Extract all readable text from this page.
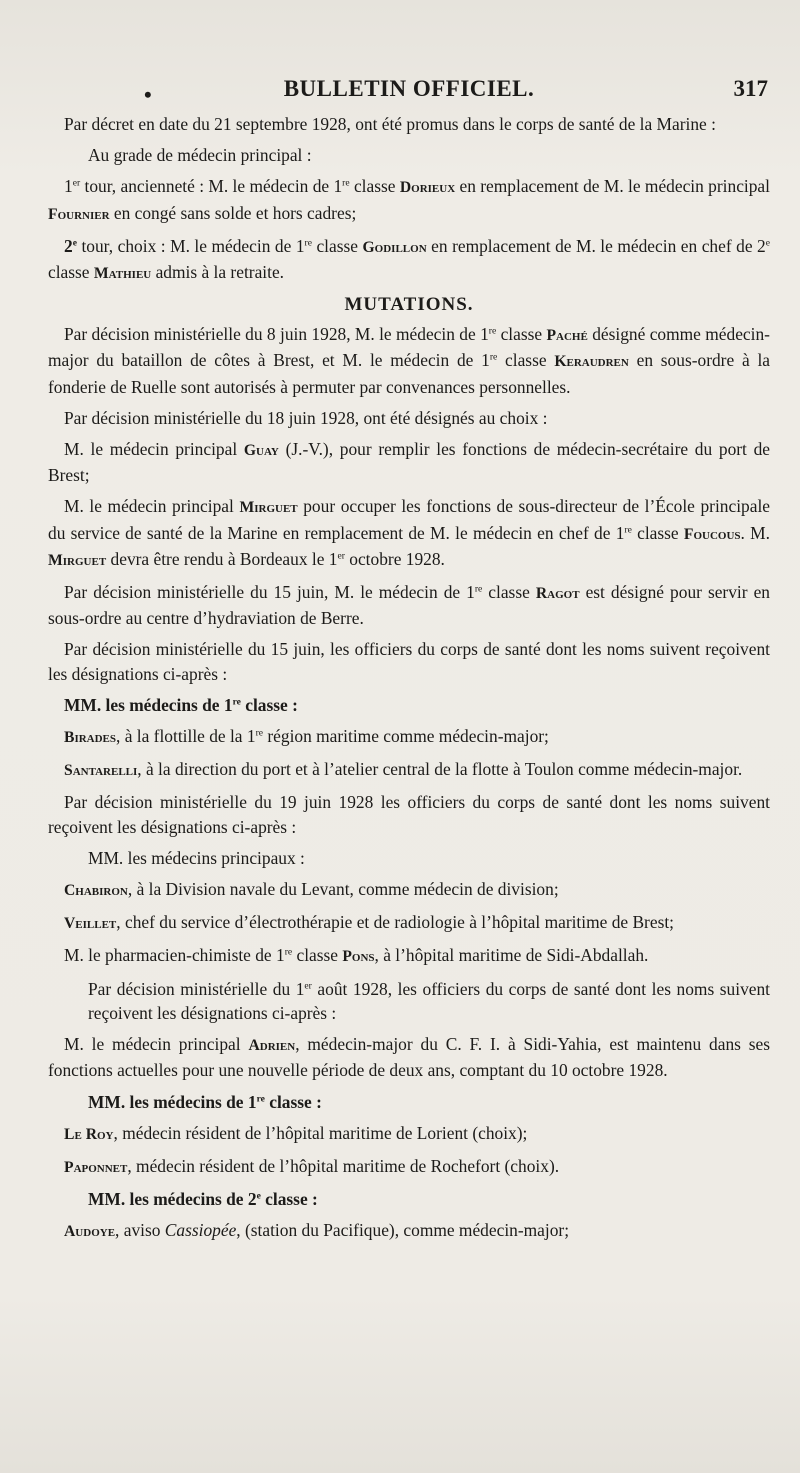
•	BULLETIN OFFICIEL.	317

Par décret en date du 21 septembre 1928, ont été promus dans le corps de santé de la Marine :

Au grade de médecin principal :

1er tour, ancienneté : M. le médecin de 1re classe Dorieux en remplacement de M. le médecin principal Fournier en congé sans solde et hors cadres;

2e tour, choix : M. le médecin de 1re classe Godillon en remplacement de M. le médecin en chef de 2e classe Mathieu admis à la retraite.

MUTATIONS.

Par décision ministérielle du 8 juin 1928, M. le médecin de 1re classe Paché désigné comme médecin-major du bataillon de côtes à Brest, et M. le médecin de 1re classe Keraudren en sous-ordre à la fonderie de Ruelle sont autorisés à permuter par convenances personnelles.

Par décision ministérielle du 18 juin 1928, ont été désignés au choix :

M. le médecin principal Guay (J.-V.), pour remplir les fonctions de médecin-secrétaire du port de Brest;

M. le médecin principal Mirguet pour occuper les fonctions de sous-directeur de l’École principale du service de santé de la Marine en remplacement de M. le médecin en chef de 1re classe Foucous. M. Mirguet devra être rendu à Bordeaux le 1er octobre 1928.

Par décision ministérielle du 15 juin, M. le médecin de 1re classe Ragot est désigné pour servir en sous-ordre au centre d’hydraviation de Berre.

Par décision ministérielle du 15 juin, les officiers du corps de santé dont les noms suivent reçoivent les désignations ci-après :

MM. les médecins de 1re classe :

Birades, à la flottille de la 1re région maritime comme médecin-major;

Santarelli, à la direction du port et à l’atelier central de la flotte à Toulon comme médecin-major.

Par décision ministérielle du 19 juin 1928 les officiers du corps de santé dont les noms suivent reçoivent les désignations ci-après :

MM. les médecins principaux :

Chabiron, à la Division navale du Levant, comme médecin de division;

Veillet, chef du service d’électrothérapie et de radiologie à l’hôpital maritime de Brest;

M. le pharmacien-chimiste de 1re classe Pons, à l’hôpital maritime de Sidi-Abdallah.

Par décision ministérielle du 1er août 1928, les officiers du corps de santé dont les noms suivent reçoivent les désignations ci-après :

M. le médecin principal Adrien, médecin-major du C. F. I. à Sidi-Yahia, est maintenu dans ses fonctions actuelles pour une nouvelle période de deux ans, comptant du 10 octobre 1928.

MM. les médecins de 1re classe :

Le Roy, médecin résident de l’hôpital maritime de Lorient (choix);

Paponnet, médecin résident de l’hôpital maritime de Rochefort (choix).

MM. les médecins de 2e classe :

Audoye, aviso Cassiopée, (station du Pacifique), comme médecin-major;
